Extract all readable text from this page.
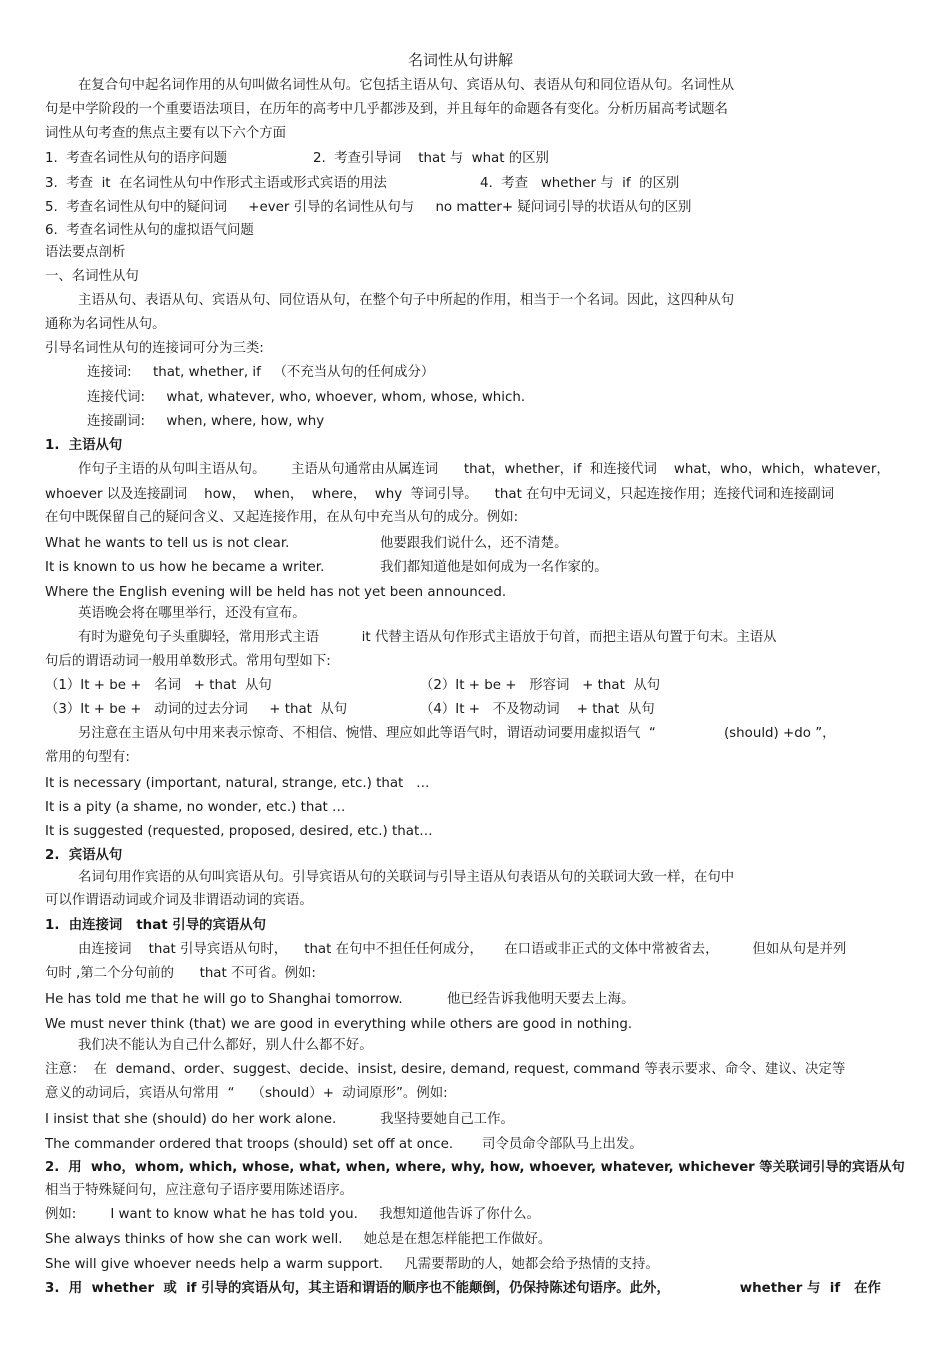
名词性从句讲解
在复合句中起名词作用的从句叫做名词性从句。它包括主语从句、宾语从句、表语从句和同位语从句。名词性从
句是中学阶段的一个重要语法项目，在历年的高考中几乎都涉及到，并且每年的命题各有变化。分析历届高考试题名
词性从句考查的焦点主要有以下六个方面
1.  考查名词性从句的语序问题	2.  考查引导词    that 与  what 的区别
3.  考查  it  在名词性从句中作形式主语或形式宾语的用法	4.  考查   whether 与  if  的区别
5.  考查名词性从句中的疑问词     +ever 引导的名词性从句与     no matter+ 疑问词引导的状语从句的区别
6.  考查名词性从句的虚拟语气问题
语法要点剖析
一、名词性从句
主语从句、表语从句、宾语从句、同位语从句，在整个句子中所起的作用，相当于一个名词。因此，这四种从句
通称为名词性从句。
引导名词性从句的连接词可分为三类:
连接词:     that, whether, if   （不充当从句的任何成分）
连接代词:     what, whatever, who, whoever, whom, whose, which.
连接副词:     when, where, how, why
1.  主语从句
作句子主语的从句叫主语从句。      主语从句通常由从属连词      that，whether，if  和连接代词    what，who，which，whatever，
whoever 以及连接副词    how，  when，  where，  why  等词引导。    that 在句中无词义，只起连接作用；连接代词和连接副词
在句中既保留自己的疑问含义、又起连接作用，在从句中充当从句的成分。例如:
What he wants to tell us is not clear.	他要跟我们说什么，还不清楚。
It is known to us how he became a writer.	我们都知道他是如何成为一名作家的。
Where the English evening will be held has not yet been announced.
英语晚会将在哪里举行，还没有宣布。
有时为避免句子头重脚轻，常用形式主语          it 代替主语从句作形式主语放于句首，而把主语从句置于句末。主语从
句后的谓语动词一般用单数形式。常用句型如下:
（1）It + be +   名词   + that  从句	（2）It + be +   形容词   + that  从句
（3）It + be +   动词的过去分词     + that  从句	（4）It +   不及物动词    + that  从句
另注意在主语从句中用来表示惊奇、不相信、惋惜、理应如此等语气时，谓语动词要用虚拟语气  “                (should) +do ”，
常用的句型有:
It is necessary (important, natural, strange, etc.) that   …
It is a pity (a shame, no wonder, etc.) that …
It is suggested (requested, proposed, desired, etc.) that…
2.  宾语从句
名词句用作宾语的从句叫宾语从句。引导宾语从句的关联词与引导主语从句表语从句的关联词大致一样，在句中
可以作谓语动词或介词及非谓语动词的宾语。
1.  由连接词   that 引导的宾语从句
由连接词    that 引导宾语从句时，    that 在句中不担任任何成分，     在口语或非正式的文体中常被省去，        但如从句是并列
句时 ,第二个分句前的      that 不可省。例如:
He has told me that he will go to Shanghai tomorrow.	他已经告诉我他明天要去上海。
We must never think (that) we are good in everything while others are good in nothing.
我们决不能认为自己什么都好，别人什么都不好。
注意：  在  demand、order、suggest、decide、insist, desire, demand, request, command 等表示要求、命令、建议、决定等
意义的动词后，宾语从句常用  “    （should）+  动词原形”。例如:
I insist that she (should) do her work alone.	我坚持要她自己工作。
The commander ordered that troops (should) set off at once. 司令员命令部队马上出发。
2.  用  who，whom, which, whose, what, when, where, why, how, whoever, whatever, whichever 等关联词引导的宾语从句
相当于特殊疑问句，应注意句子语序要用陈述语序。
例如:        I want to know what he has told you.     我想知道他告诉了你什么。
She always thinks of how she can work well.     她总是在想怎样能把工作做好。
She will give whoever needs help a warm support.     凡需要帮助的人，她都会给予热情的支持。
3.  用  whether  或  if 引导的宾语从句，其主语和谓语的顺序也不能颠倒，仍保持陈述句语序。此外，               whether 与  if   在作
